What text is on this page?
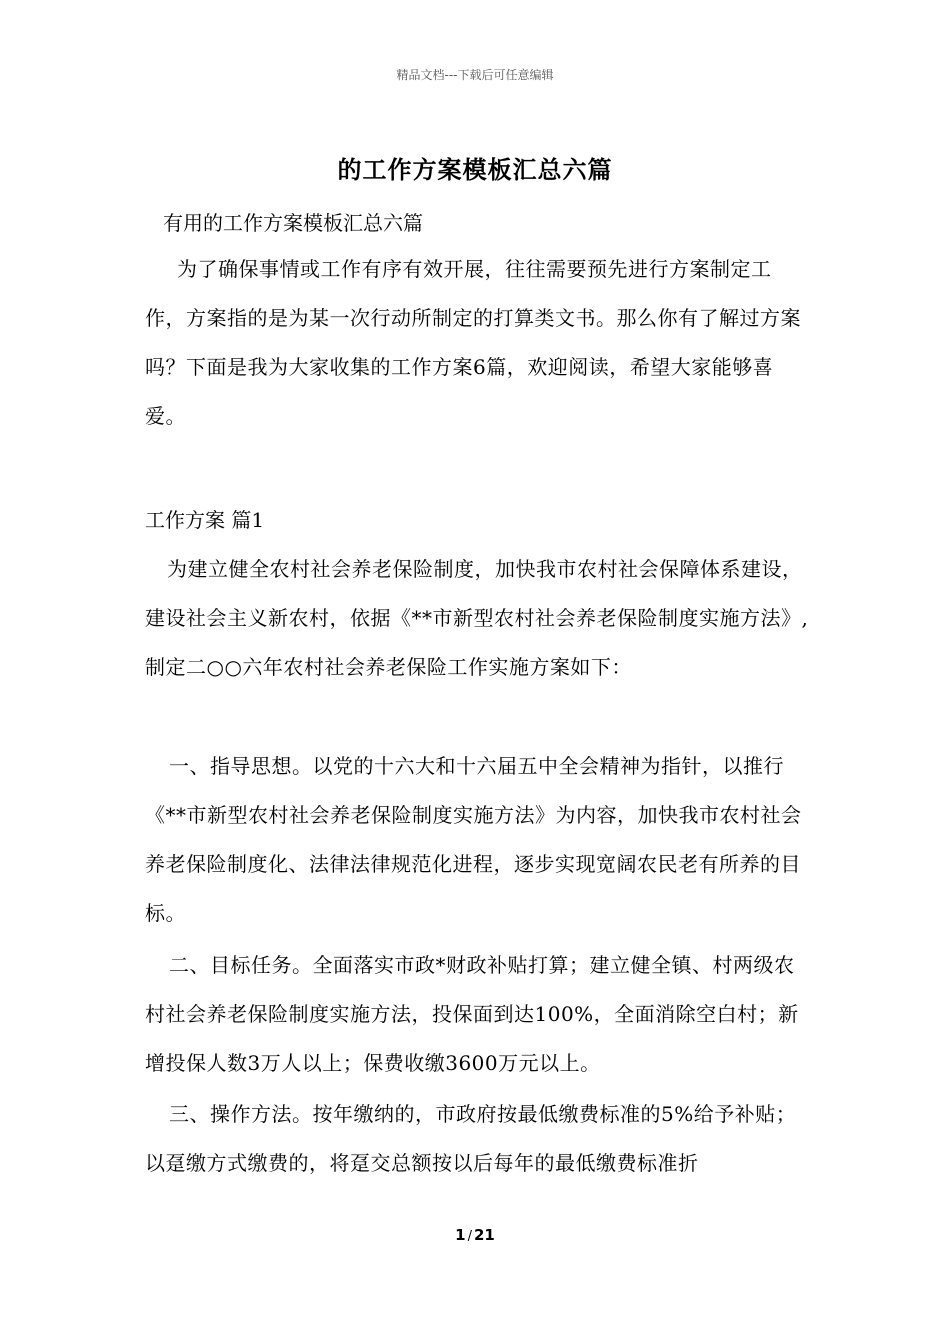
精品文档---下载后可任意编辑
的工作方案模板汇总六篇
有用的工作方案模板汇总六篇
为了确保事情或工作有序有效开展，往往需要预先进行方案制定工作，方案指的是为某一次行动所制定的打算类文书。那么你有了解过方案吗？下面是我为大家收集的工作方案6篇，欢迎阅读，希望大家能够喜爱。
工作方案 篇1
为建立健全农村社会养老保险制度，加快我市农村社会保障体系建设，建设社会主义新农村，依据《**市新型农村社会养老保险制度实施方法》,制定二○○六年农村社会养老保险工作实施方案如下：
一、指导思想。以党的十六大和十六届五中全会精神为指针，以推行《**市新型农村社会养老保险制度实施方法》为内容，加快我市农村社会养老保险制度化、法律法律规范化进程，逐步实现宽阔农民老有所养的目标。
二、目标任务。全面落实市政*财政补贴打算；建立健全镇、村两级农村社会养老保险制度实施方法，投保面到达100%，全面消除空白村；新增投保人数3万人以上；保费收缴3600万元以上。
三、操作方法。按年缴纳的，市政府按最低缴费标准的5%给予补贴；以趸缴方式缴费的，将趸交总额按以后每年的最低缴费标准折
1 / 21
